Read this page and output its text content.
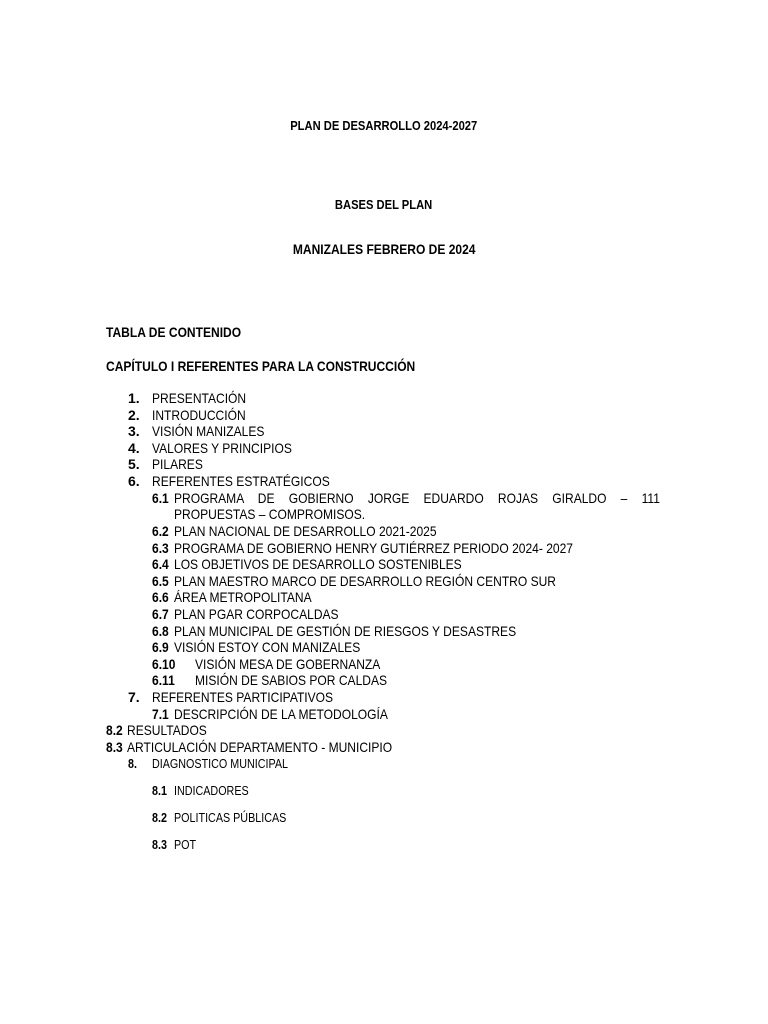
PLAN DE DESARROLLO 2024-2027
BASES DEL PLAN
MANIZALES FEBRERO DE 2024
TABLA DE CONTENIDO
CAPÍTULO I REFERENTES PARA LA CONSTRUCCIÓN
1. PRESENTACIÓN
2. INTRODUCCIÓN
3. VISIÓN MANIZALES
4. VALORES Y PRINCIPIOS
5. PILARES
6. REFERENTES ESTRATÉGICOS
6.1 PROGRAMA DE GOBIERNO JORGE EDUARDO ROJAS GIRALDO – 111
PROPUESTAS – COMPROMISOS.
6.2 PLAN NACIONAL DE DESARROLLO 2021-2025
6.3 PROGRAMA DE GOBIERNO HENRY GUTIÉRREZ PERIODO 2024- 2027
6.4 LOS OBJETIVOS DE DESARROLLO SOSTENIBLES
6.5 PLAN MAESTRO MARCO DE DESARROLLO REGIÓN CENTRO SUR
6.6 ÁREA METROPOLITANA
6.7 PLAN PGAR CORPOCALDAS
6.8 PLAN MUNICIPAL DE GESTIÓN DE RIESGOS Y DESASTRES
6.9 VISIÓN ESTOY CON MANIZALES
6.10 VISIÓN MESA DE GOBERNANZA
6.11 MISIÓN DE SABIOS POR CALDAS
7. REFERENTES PARTICIPATIVOS
7.1 DESCRIPCIÓN DE LA METODOLOGÍA
8.2 RESULTADOS
8.3 ARTICULACIÓN DEPARTAMENTO - MUNICIPIO
8. DIAGNOSTICO MUNICIPAL
8.1 INDICADORES
8.2 POLITICAS PÚBLICAS
8.3 POT
